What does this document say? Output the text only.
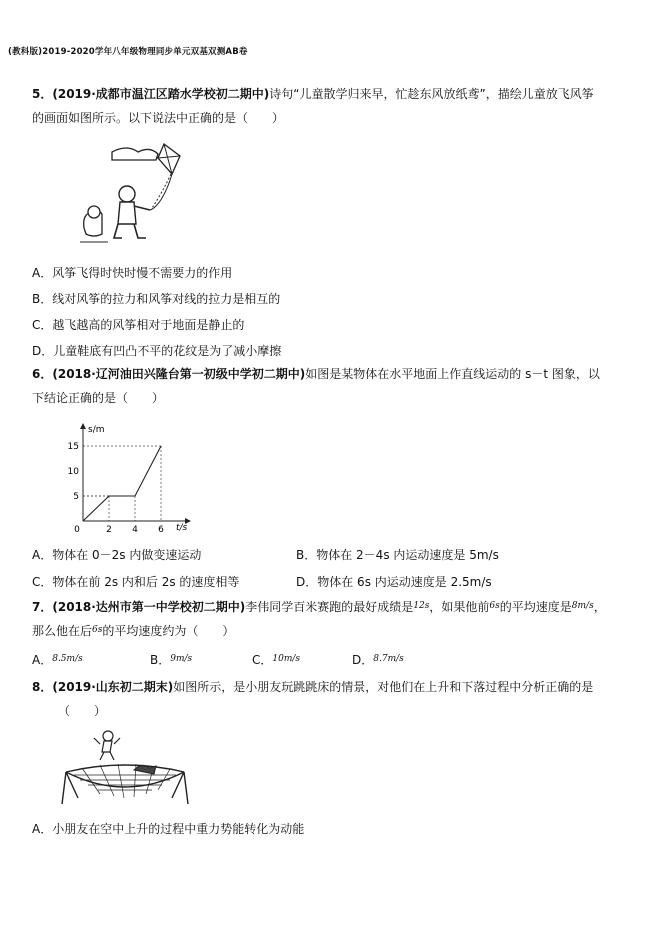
(教科版)2019-2020学年八年级物理同步单元双基双测AB卷
5．(2019·成都市温江区踏水学校初二期中)诗句“儿童散学归来早，忙趁东风放纸鸢”，描绘儿童放飞风筝
的画面如图所示。以下说法中正确的是（　　）
A．风筝飞得时快时慢不需要力的作用
B．线对风筝的拉力和风筝对线的拉力是相互的
C．越飞越高的风筝相对于地面是静止的
D．儿童鞋底有凹凸不平的花纹是为了减小摩擦
6．(2018·辽河油田兴隆台第一初级中学初二期中)如图是某物体在水平地面上作直线运动的 s－t 图象，以
下结论正确的是（　　）
s/m
t/s
5
10
15
0	2 4 6
A．物体在 0－2s 内做变速运动	B．物体在 2－4s 内运动速度是 5m/s
C．物体在前 2s 内和后 2s 的速度相等	D．物体在 6s 内运动速度是 2.5m/s
7．(2018·达州市第一中学校初二期中)李伟同学百米赛跑的最好成绩是$^{12s}$，如果他前$^{6s}$的平均速度是$^{8m/s}$，
那么他在后$^{6s}$的平均速度约为（　　）
A．$^{8.5m/s}$	B．$^{9m/s}$	C．$^{10m/s}$	D．$^{8.7m/s}$
8．(2019·山东初二期末)如图所示，是小朋友玩跳跳床的情景，对他们在上升和下落过程中分析正确的是
（　　）
A．小朋友在空中上升的过程中重力势能转化为动能
